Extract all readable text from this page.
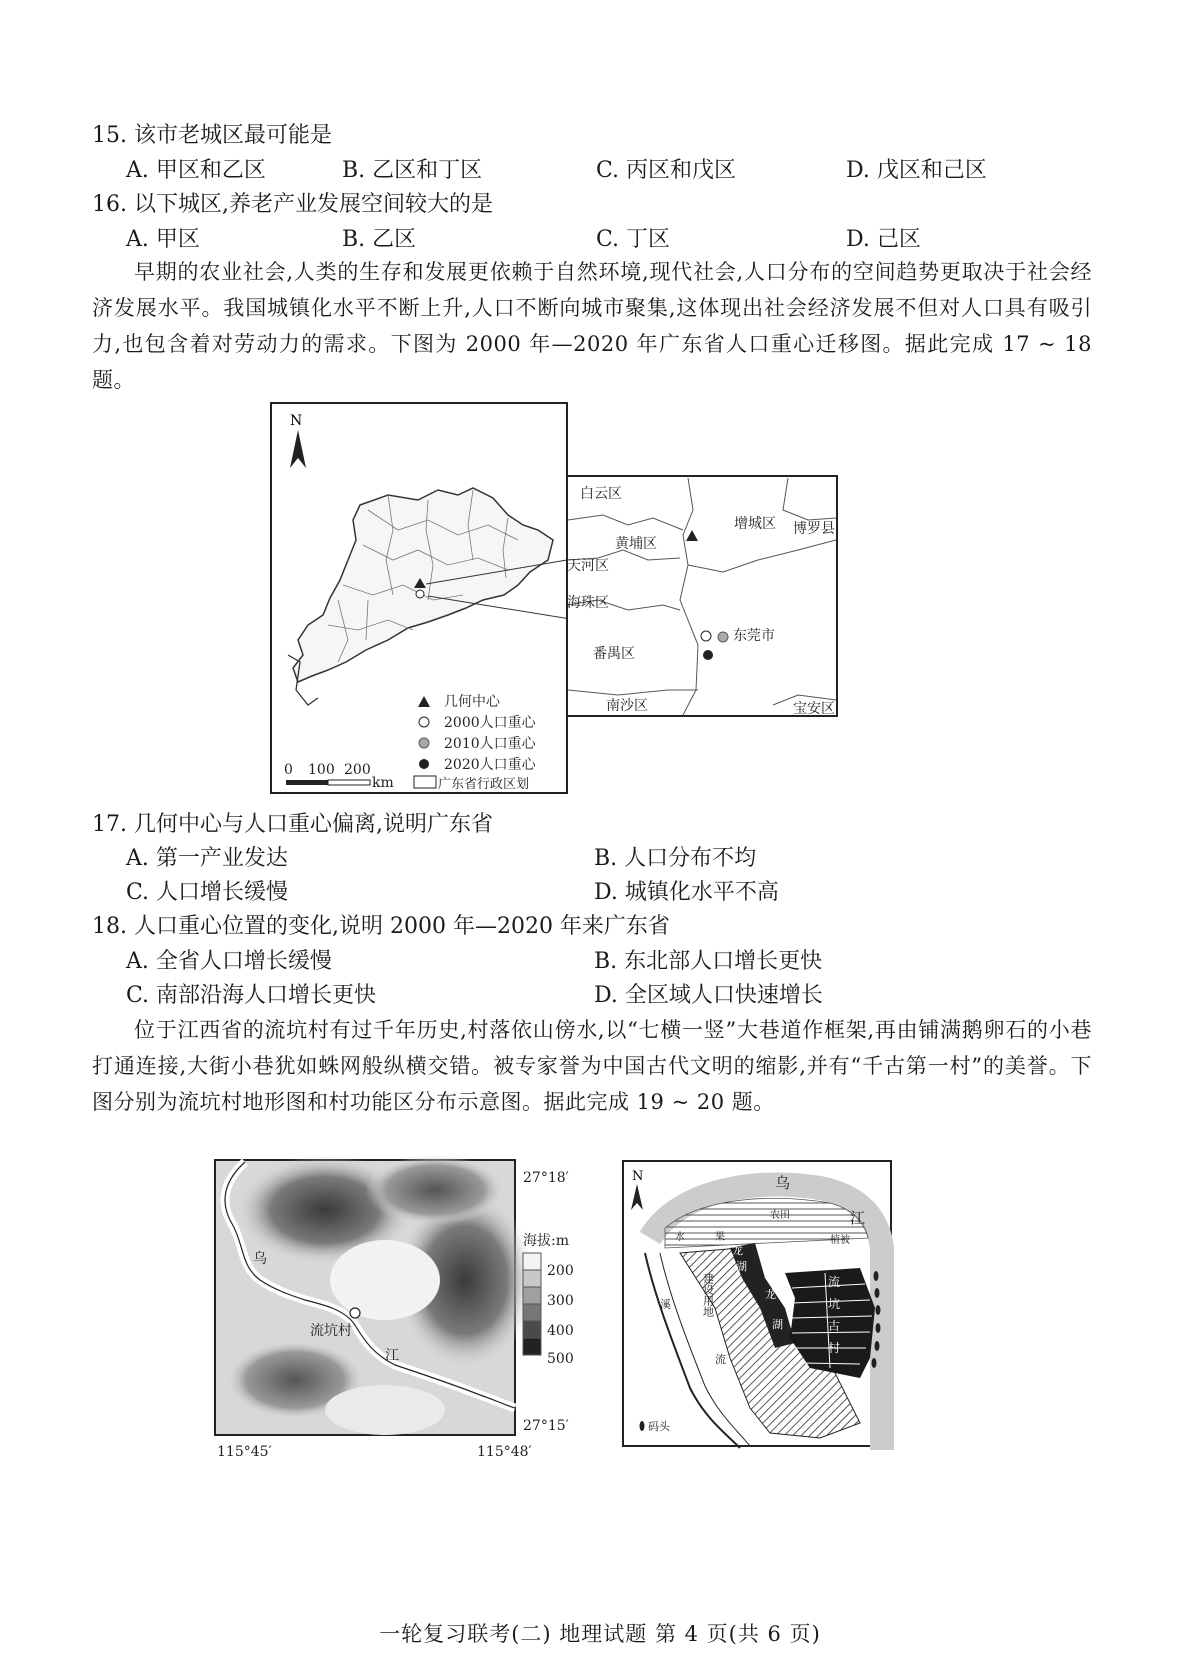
15. 该市老城区最可能是
A. 甲区和乙区	B. 乙区和丁区	C. 丙区和戊区	D. 戊区和己区
16. 以下城区,养老产业发展空间较大的是
A. 甲区	B. 乙区	C. 丁区	D. 己区
早期的农业社会,人类的生存和发展更依赖于自然环境,现代社会,人口分布的空间趋势更取决于社会经济发展水平。我国城镇化水平不断上升,人口不断向城市聚集,这体现出社会经济发展不但对人口具有吸引力,也包含着对劳动力的需求。下图为 2000 年—2020 年广东省人口重心迁移图。据此完成 17 ~ 18 题。
N
白云区
增城区 博罗县
黄埔区
天河区
海珠区
东莞市
番禺区
南沙区	宝安区
几何中心
2000人口重心
2010人口重心
2020人口重心
广东省行政区划
0 100 200
km
17. 几何中心与人口重心偏离,说明广东省
A. 第一产业发达	B. 人口分布不均
C. 人口增长缓慢	D. 城镇化水平不高
18. 人口重心位置的变化,说明 2000 年—2020 年来广东省
A. 全省人口增长缓慢	B. 东北部人口增长更快
C. 南部沿海人口增长更快	D. 全区域人口快速增长
位于江西省的流坑村有过千年历史,村落依山傍水,以“七横一竖”大巷道作框架,再由铺满鹅卵石的小巷打通连接,大街小巷犹如蛛网般纵横交错。被专家誉为中国古代文明的缩影,并有“千古第一村”的美誉。下图分别为流坑村地形图和村功能区分布示意图。据此完成 19 ~ 20 题。
乌
江
流坑村
27°18′
27°15′
115°45′	115°48′
海拔:m
200
300
400
500
N	乌
江
农田
果	植被
水
溪
流
建设用地
龙
湖
龙
湖
流
坑
古
村
码头
一轮复习联考(二) 地理试题 第 4 页(共 6 页)
